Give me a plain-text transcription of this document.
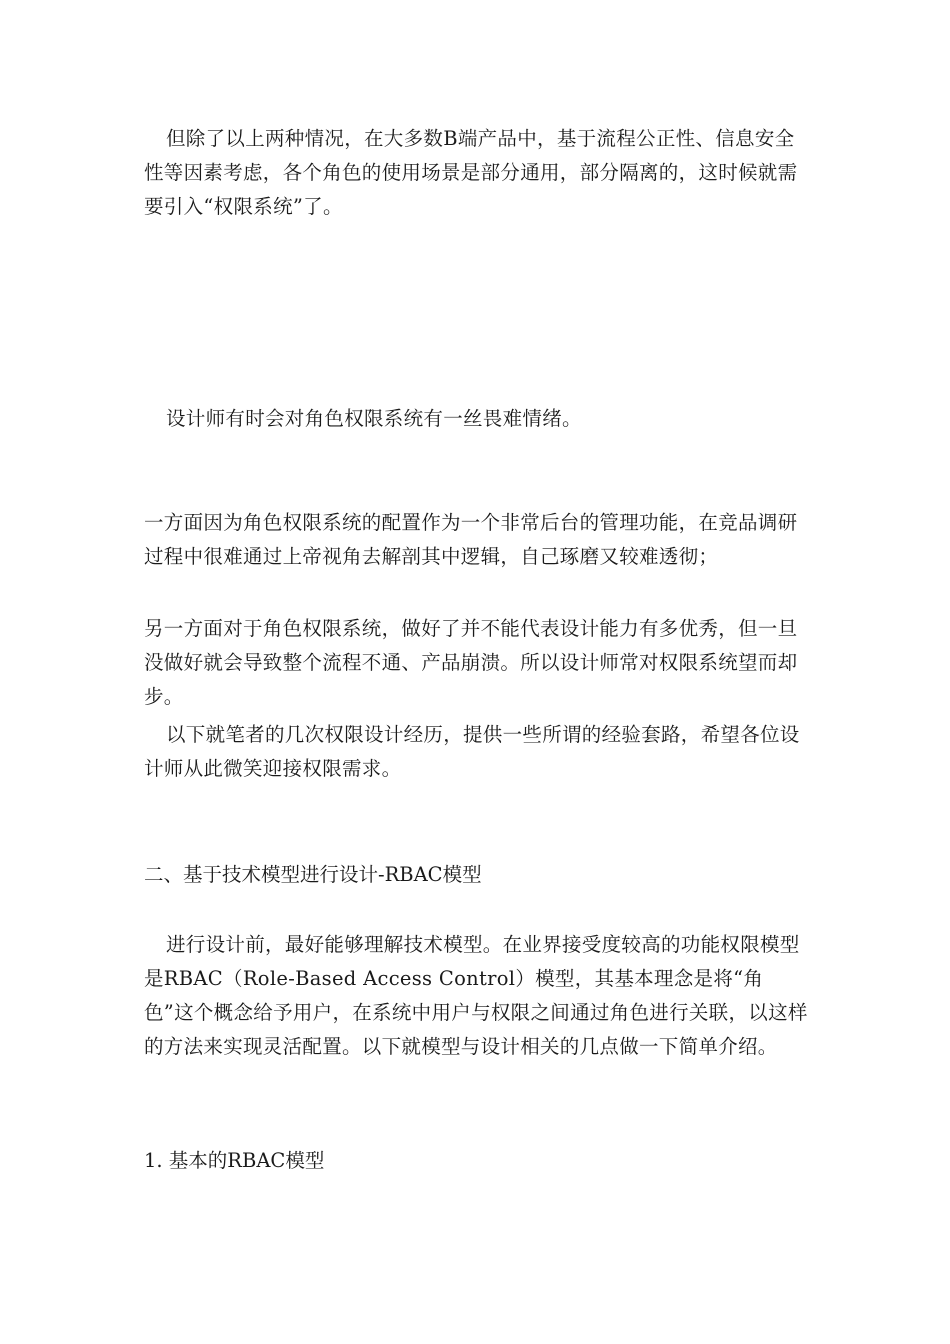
但除了以上两种情况，在大多数B端产品中，基于流程公正性、信息安全性等因素考虑，各个角色的使用场景是部分通用，部分隔离的，这时候就需要引入“权限系统”了。

设计师有时会对角色权限系统有一丝畏难情绪。

一方面因为角色权限系统的配置作为一个非常后台的管理功能，在竞品调研过程中很难通过上帝视角去解剖其中逻辑，自己琢磨又较难透彻；

另一方面对于角色权限系统，做好了并不能代表设计能力有多优秀，但一旦没做好就会导致整个流程不通、产品崩溃。所以设计师常对权限系统望而却步。

以下就笔者的几次权限设计经历，提供一些所谓的经验套路，希望各位设计师从此微笑迎接权限需求。

二、基于技术模型进行设计-RBAC模型

进行设计前，最好能够理解技术模型。在业界接受度较高的功能权限模型是RBAC（Role-Based Access Control）模型，其基本理念是将“角色”这个概念给予用户，在系统中用户与权限之间通过角色进行关联，以这样的方法来实现灵活配置。以下就模型与设计相关的几点做一下简单介绍。

1. 基本的RBAC模型
